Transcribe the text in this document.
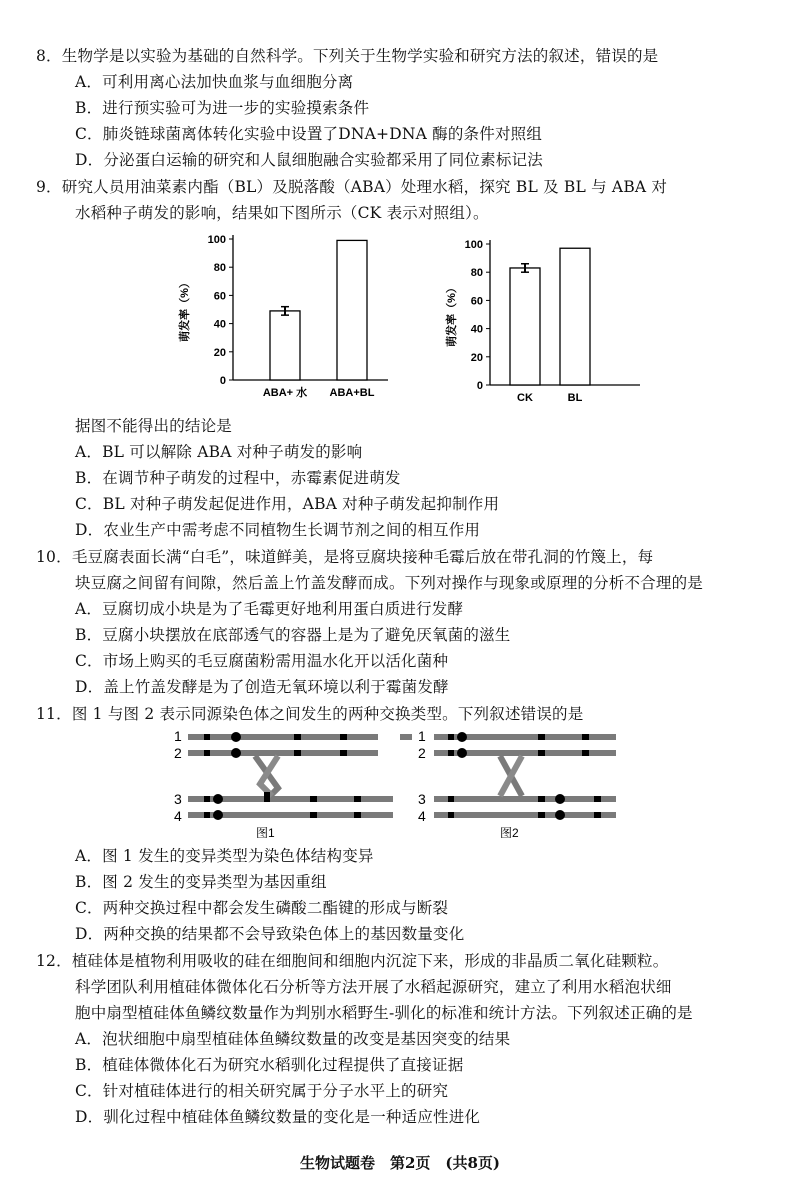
8．生物学是以实验为基础的自然科学。下列关于生物学实验和研究方法的叙述，错误的是
A．可利用离心法加快血浆与血细胞分离
B．进行预实验可为进一步的实验摸索条件
C．肺炎链球菌离体转化实验中设置了DNA+DNA 酶的条件对照组
D．分泌蛋白运输的研究和人鼠细胞融合实验都采用了同位素标记法
9．研究人员用油菜素内酯（BL）及脱落酸（ABA）处理水稻，探究 BL 及 BL 与 ABA 对
水稻种子萌发的影响，结果如下图所示（CK 表示对照组）。
萌发率（%）
0
20
40
60
80
100
ABA+ 水 ABA+BL
萌发率（%）
0
20
40
60
80
100
CK	BL
据图不能得出的结论是
A．BL 可以解除 ABA 对种子萌发的影响
B．在调节种子萌发的过程中，赤霉素促进萌发
C．BL 对种子萌发起促进作用，ABA 对种子萌发起抑制作用
D．农业生产中需考虑不同植物生长调节剂之间的相互作用
10．毛豆腐表面长满“白毛”，味道鲜美，是将豆腐块接种毛霉后放在带孔洞的竹篾上，每
块豆腐之间留有间隙，然后盖上竹盖发酵而成。下列对操作与现象或原理的分析不合理的是
A．豆腐切成小块是为了毛霉更好地利用蛋白质进行发酵
B．豆腐小块摆放在底部透气的容器上是为了避免厌氧菌的滋生
C．市场上购买的毛豆腐菌粉需用温水化开以活化菌种
D．盖上竹盖发酵是为了创造无氧环境以利于霉菌发酵
11．图 1 与图 2 表示同源染色体之间发生的两种交换类型。下列叙述错误的是
1
2
3
4
图1
1
2
3
4
图2
A．图 1 发生的变异类型为染色体结构变异
B．图 2 发生的变异类型为基因重组
C．两种交换过程中都会发生磷酸二酯键的形成与断裂
D．两种交换的结果都不会导致染色体上的基因数量变化
12．植硅体是植物利用吸收的硅在细胞间和细胞内沉淀下来，形成的非晶质二氧化硅颗粒。
科学团队利用植硅体微体化石分析等方法开展了水稻起源研究，建立了利用水稻泡状细
胞中扇型植硅体鱼鳞纹数量作为判别水稻野生-驯化的标准和统计方法。下列叙述正确的是
A．泡状细胞中扇型植硅体鱼鳞纹数量的改变是基因突变的结果
B．植硅体微体化石为研究水稻驯化过程提供了直接证据
C．针对植硅体进行的相关研究属于分子水平上的研究
D．驯化过程中植硅体鱼鳞纹数量的变化是一种适应性进化
生物试题卷　第2页　(共8页)
